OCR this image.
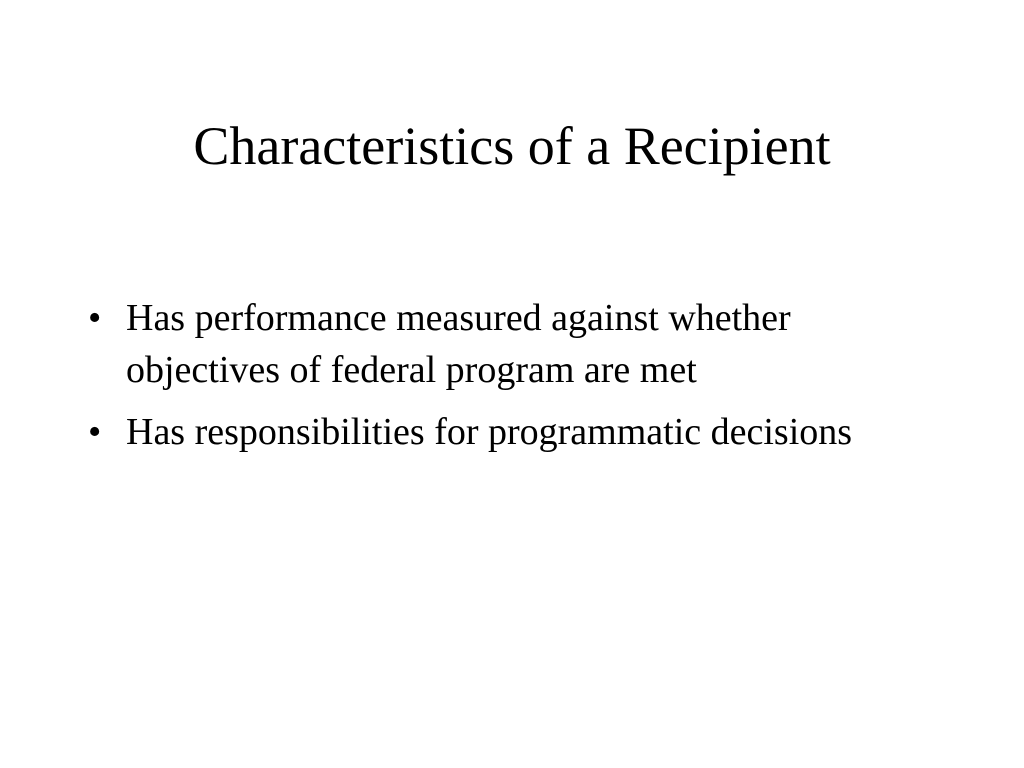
Characteristics of a Recipient
• Has performance measured against whether objectives of federal program are met
• Has responsibilities for programmatic decisions
